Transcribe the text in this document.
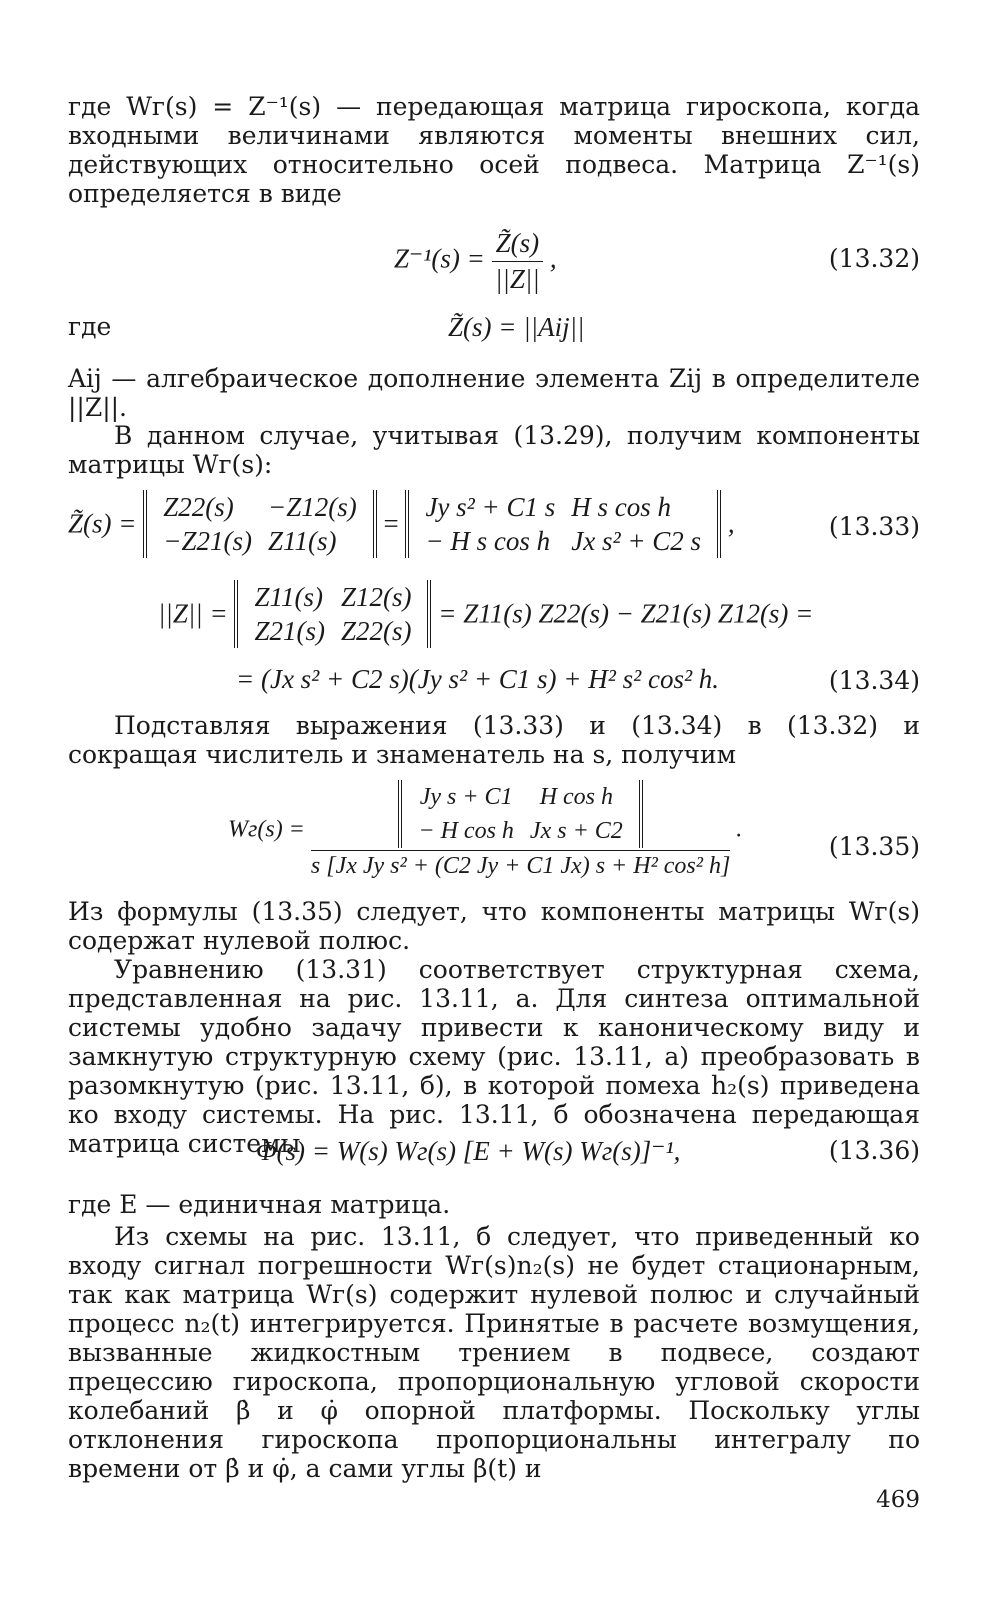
где Wг(s) = Z⁻¹(s) — передающая матрица гироскопа, когда входными величинами являются моменты внешних сил, действующих относительно осей подвеса. Матрица Z⁻¹(s) определяется в виде

$Z^{-1}(s) = \frac{Z̃(s)}{||Z||}$ ,	(13.32)
где	Z̃(s) = ||Aij||

Aij — алгебраическое дополнение элемента Zij в определителе ||Z||.

В данном случае, учитывая (13.29), получим компоненты матрицы Wг(s):

Z̃(s) =
Z22(s)	−Z12(s)
−Z21(s)	Z11(s)
=
Jy s² + C1 s	H s cos h
− H s cos h	Jx s² + C2 s
,	(13.33)
||Z|| =
Z11(s)	Z12(s)
Z21(s)	Z22(s)
= Z11(s) Z22(s) − Z21(s) Z12(s) =
= (Jx s² + C2 s)(Jy s² + C1 s) + H² s² cos² h.	(13.34)

Подставляя выражения (13.33) и (13.34) в (13.32) и сокращая числитель и знаменатель на s, получим

Wг(s) = Jy s + C1	H cos h
− H cos h	Jx s + C2
s [Jx Jy s² + (C2 Jy + C1 Jx) s + H² cos² h] .
(13.35)

Из формулы (13.35) следует, что компоненты матрицы Wг(s) содержат нулевой полюс.

Уравнению (13.31) соответствует структурная схема, представленная на рис. 13.11, а. Для синтеза оптимальной системы удобно задачу привести к каноническому виду и замкнутую структурную схему (рис. 13.11, а) преобразовать в разомкнутую (рис. 13.11, б), в которой помеха h₂(s) приведена ко входу системы. На рис. 13.11, б обозначена передающая матрица системы

Φ(s) = W(s) Wг(s) [E + W(s) Wг(s)]⁻¹,	(13.36)

где E — единичная матрица.

Из схемы на рис. 13.11, б следует, что приведенный ко входу сигнал погрешности Wг(s)n₂(s) не будет стационарным, так как матрица Wг(s) содержит нулевой полюс и случайный процесс n₂(t) интегрируется. Принятые в расчете возмущения, вызванные жидкостным трением в подвесе, создают прецессию гироскопа, пропорциональную угловой скорости колебаний β̇ и φ̇ опорной платформы. Поскольку углы отклонения гироскопа пропорциональны интегралу по времени от β̇ и φ̇, а сами углы β(t) и

469
